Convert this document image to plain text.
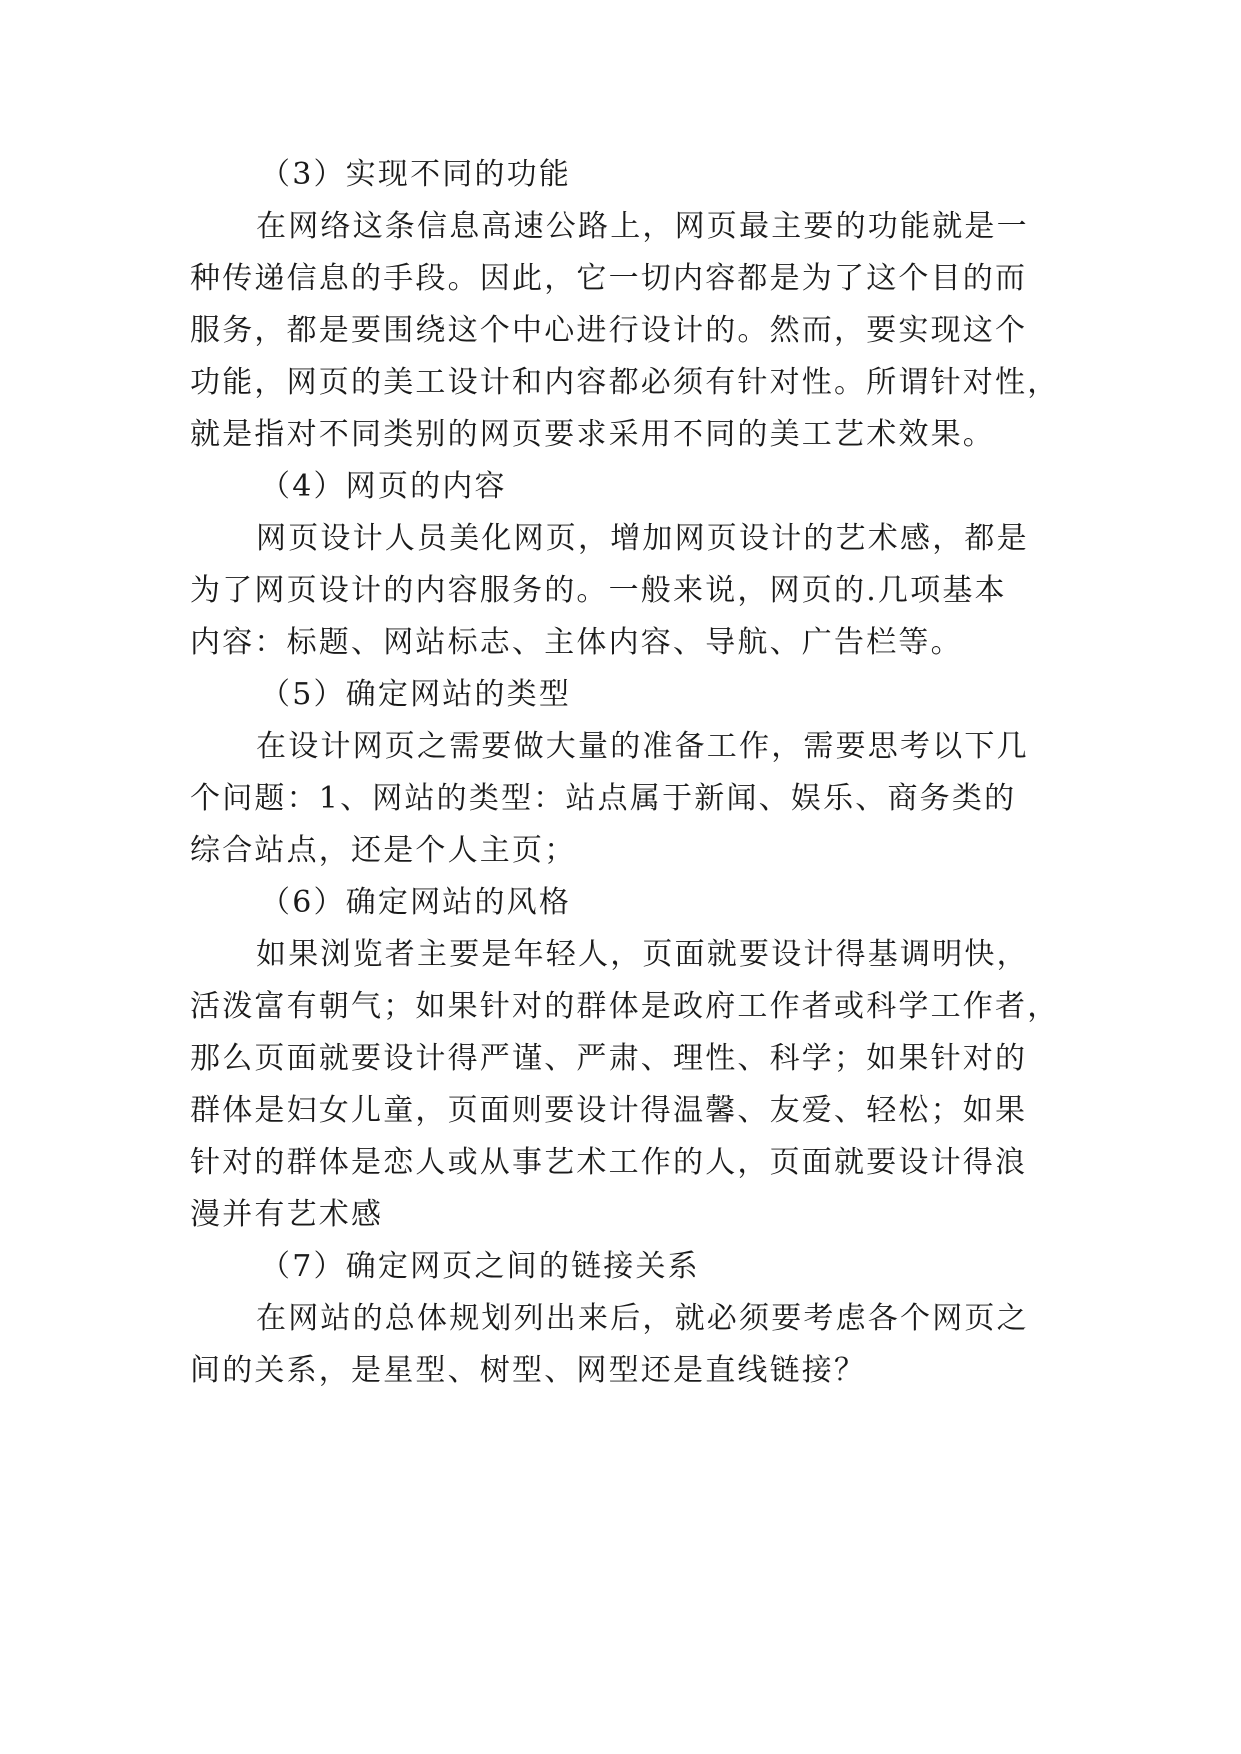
（3）实现不同的功能
在网络这条信息高速公路上，网页最主要的功能就是一
种传递信息的手段。因此，它一切内容都是为了这个目的而
服务，都是要围绕这个中心进行设计的。然而，要实现这个
功能，网页的美工设计和内容都必须有针对性。所谓针对性，
就是指对不同类别的网页要求采用不同的美工艺术效果。
（4）网页的内容
网页设计人员美化网页，增加网页设计的艺术感，都是
为了网页设计的内容服务的。一般来说，网页的.几项基本
内容：标题、网站标志、主体内容、导航、广告栏等。
（5）确定网站的类型
在设计网页之需要做大量的准备工作，需要思考以下几
个问题：1、网站的类型：站点属于新闻、娱乐、商务类的
综合站点，还是个人主页；
（6）确定网站的风格
如果浏览者主要是年轻人，页面就要设计得基调明快，
活泼富有朝气；如果针对的群体是政府工作者或科学工作者，
那么页面就要设计得严谨、严肃、理性、科学；如果针对的
群体是妇女儿童，页面则要设计得温馨、友爱、轻松；如果
针对的群体是恋人或从事艺术工作的人，页面就要设计得浪
漫并有艺术感
（7）确定网页之间的链接关系
在网站的总体规划列出来后，就必须要考虑各个网页之
间的关系，是星型、树型、网型还是直线链接？
